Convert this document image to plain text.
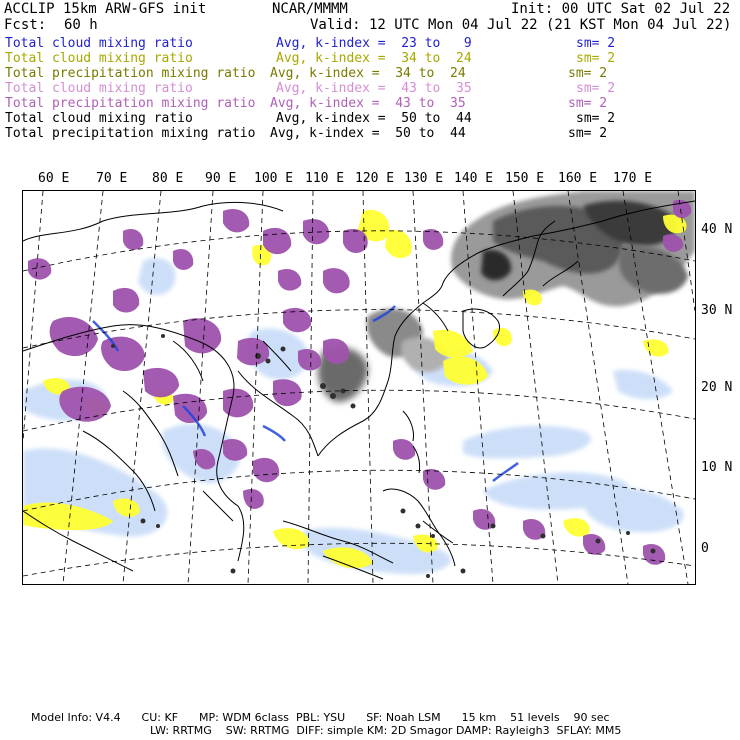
ACCLIP 15km ARW-GFS init	NCAR/MMMM	Init: 00 UTC Sat 02 Jul 22
Fcst: 60 h	Valid: 12 UTC Mon 04 Jul 22 (21 KST Mon 04 Jul 22)
Total cloud mixing ratio	Avg, k-index =  23 to   9	sm= 2
Total cloud mixing ratio	Avg, k-index =  34 to  24	sm= 2
Total precipitation mixing ratio Avg, k-index =  34 to  24	sm= 2
Total cloud mixing ratio	Avg, k-index =  43 to  35	sm= 2
Total precipitation mixing ratio Avg, k-index =  43 to  35	sm= 2
Total cloud mixing ratio	Avg, k-index =  50 to  44	sm= 2
Total precipitation mixing ratio Avg, k-index =  50 to  44	sm= 2
60 E 70 E 80 E 90 E 100 E 110 E 120 E 130 E 140 E 150 E 160 E 170 E
40 N
30 N
20 N
10 N
0
Model Info: V4.4      CU: KF      MP: WDM 6class  PBL: YSU      SF: Noah LSM      15 km    51 levels    90 sec
LW: RRTMG    SW: RRTMG  DIFF: simple KM: 2D Smagor DAMP: Rayleigh3  SFLAY: MM5
